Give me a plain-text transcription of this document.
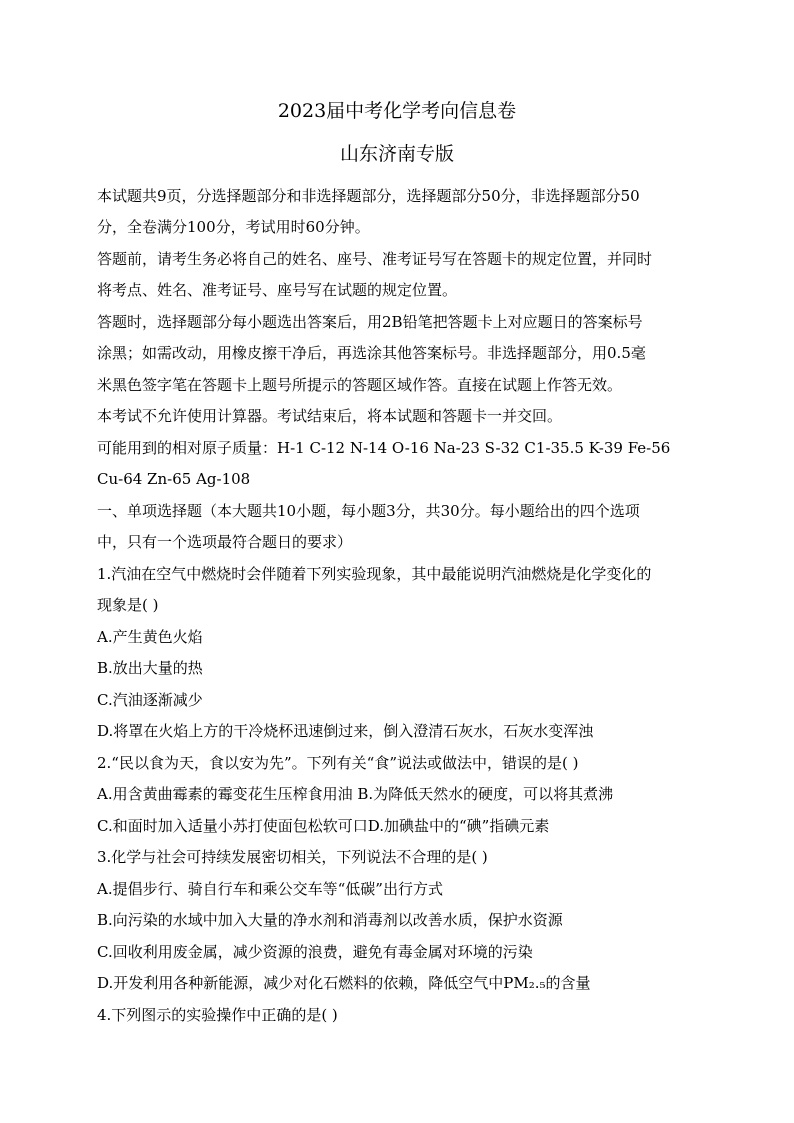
2023届中考化学考向信息卷
山东济南专版

本试题共9页，分选择题部分和非选择题部分，选择题部分50分，非选择题部分50

分，全卷满分100分，考试用时60分钟。

答题前，请考生务必将自己的姓名、座号、准考证号写在答题卡的规定位置，并同时

将考点、姓名、准考证号、座号写在试题的规定位置。

答题时，选择题部分每小题选出答案后，用2B铅笔把答题卡上对应题日的答案标号

涂黑；如需改动，用橡皮擦干净后，再选涂其他答案标号。非选择题部分，用0.5毫

米黑色签字笔在答题卡上题号所提示的答题区域作答。直接在试题上作答无效。

本考试不允许使用计算器。考试结束后，将本试题和答题卡一并交回。

可能用到的相对原子质量：H-1 C-12 N-14 O-16 Na-23 S-32 C1-35.5 K-39 Fe-56

Cu-64 Zn-65 Ag-108

一、单项选择题（本大题共10小题，每小题3分，共30分。每小题给出的四个选项

中，只有一个选项最符合题日的要求）

1.汽油在空气中燃烧时会伴随着下列实验现象，其中最能说明汽油燃烧是化学变化的

现象是( )

A.产生黄色火焰

B.放出大量的热

C.汽油逐渐减少

D.将罩在火焰上方的干冷烧杯迅速倒过来，倒入澄清石灰水，石灰水变浑浊

2.“民以食为天，食以安为先”。下列有关“食”说法或做法中，错误的是( )

A.用含黄曲霉素的霉变花生压榨食用油 B.为降低天然水的硬度，可以将其煮沸

C.和面时加入适量小苏打使面包松软可口D.加碘盐中的“碘”指碘元素

3.化学与社会可持续发展密切相关，下列说法不合理的是( )

A.提倡步行、骑自行车和乘公交车等“低碳”出行方式

B.向污染的水域中加入大量的净水剂和消毒剂以改善水质，保护水资源

C.回收利用废金属，减少资源的浪费，避免有毒金属对环境的污染

D.开发利用各种新能源，减少对化石燃料的依赖，降低空气中PM₂.₅的含量

4.下列图示的实验操作中正确的是( )
